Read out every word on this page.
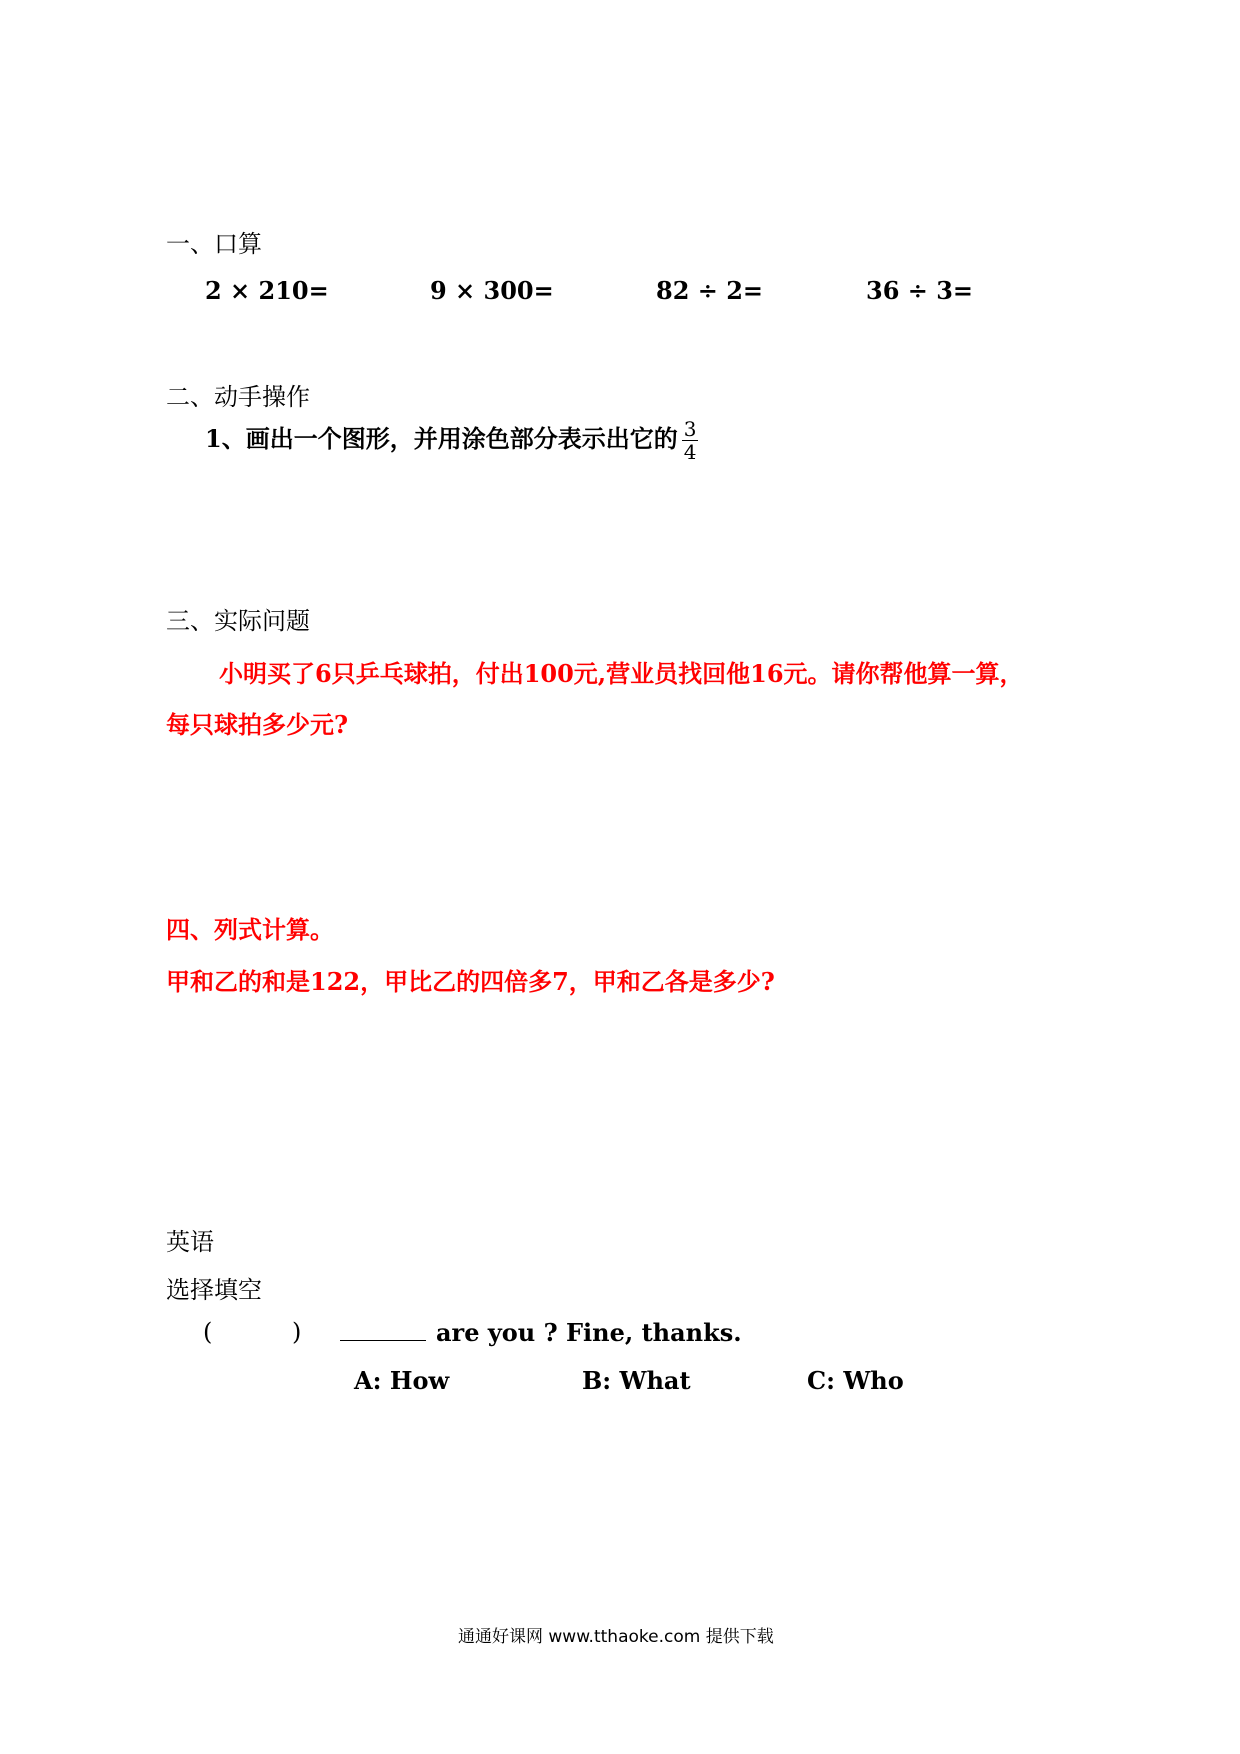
一、口算
2 × 210=	9 × 300=	82 ÷ 2=	36 ÷ 3=
二、动手操作
1、画出一个图形，并用涂色部分表示出它的 $\frac{3}{4}$
三、实际问题
小明买了6只乒乓球拍，付出100元,营业员找回他16元。请你帮他算一算，
每只球拍多少元?
四、列式计算。
甲和乙的和是122，甲比乙的四倍多7，甲和乙各是多少?
英语
选择填空
(	)	are you ? Fine, thanks.
A: How	B: What	C: Who
通通好课网 www.tthaoke.com 提供下载
